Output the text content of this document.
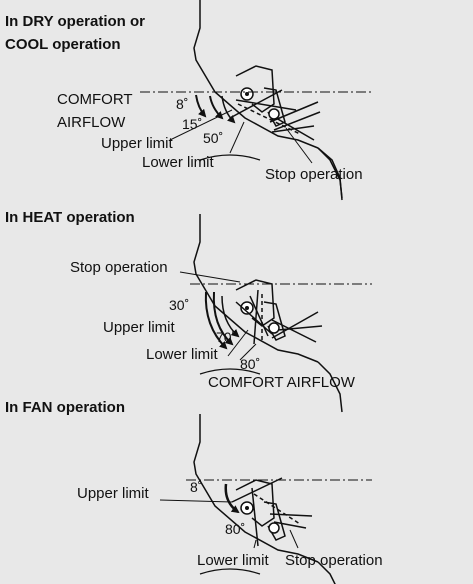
In DRY operation or
COOL operation
COMFORT
AIRFLOW
8˚
15˚
50˚
Upper limit
Lower limit
Stop operation
In HEAT operation
Stop operation
30˚
Upper limit
70˚
Lower limit
80˚
COMFORT AIRFLOW
In FAN operation
Upper limit	8˚
80˚
Lower limit Stop operation
